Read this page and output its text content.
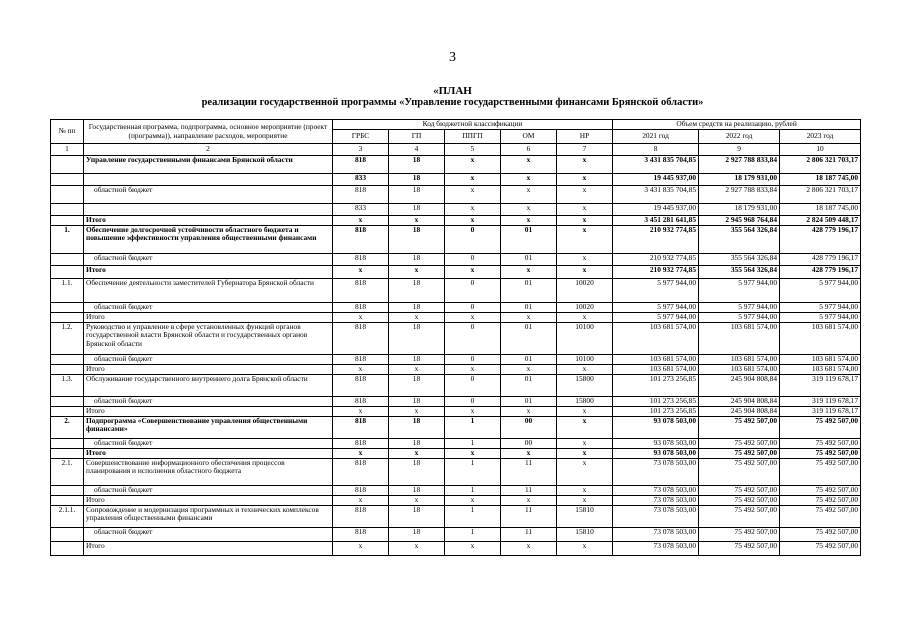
3
«ПЛАН
реализации государственной программы «Управление государственными финансами Брянской области»
№ пп	Государственная программа, подпрограмма, основное мероприятие (проект (программа)), направление расходов, мероприятие	Код бюджетной классификации					Объем средств на реализацию, рублей		
		ГРБС	ГП	ППГП	ОМ	НР	2021 год	2022 год	2023 год
1	2	3	4	5	6	7	8	9	10
	Управление государственными финансами Брянской области	818	18	x	x	x	3 431 835 704,85	2 927 788 833,84	2 806 321 703,17
		833	18	x	x	x	19 445 937,00	18 179 931,00	18 187 745,00
	областной бюджет	818	18	x	x	x	3 431 835 704,85	2 927 788 833,84	2 806 321 703,17
		833	18	x	x	x	19 445 937,00	18 179 931,00	18 187 745,00
	Итого	x	x	x	x	x	3 451 281 641,85	2 945 968 764,84	2 824 509 448,17
1.	Обеспечение долгосрочной устойчивости областного бюджета и повышение эффективности управления общественными финансами	818	18	0	01	x	210 932 774,85	355 564 326,84	428 779 196,17
	областной бюджет	818	18	0	01	x	210 932 774,85	355 564 326,84	428 779 196,17
	Итого	x	x	x	x	x	210 932 774,85	355 564 326,84	428 779 196,17
1.1.	Обеспечение деятельности заместителей Губернатора Брянской области	818	18	0	01	10020	5 977 944,00	5 977 944,00	5 977 944,00
	областной бюджет	818	18	0	01	10020	5 977 944,00	5 977 944,00	5 977 944,00
	Итого	x	x	x	x	x	5 977 944,00	5 977 944,00	5 977 944,00
1.2.	Руководство и управление в сфере установленных функций органов государственной власти Брянской области и государственных органов Брянской области	818	18	0	01	10100	103 681 574,00	103 681 574,00	103 681 574,00
	областной бюджет	818	18	0	01	10100	103 681 574,00	103 681 574,00	103 681 574,00
	Итого	x	x	x	x	x	103 681 574,00	103 681 574,00	103 681 574,00
1.3.	Обслуживание государственного внутреннего долга Брянской области	818	18	0	01	15800	101 273 256,85	245 904 808,84	319 119 678,17
	областной бюджет	818	18	0	01	15800	101 273 256,85	245 904 808,84	319 119 678,17
	Итого	x	x	x	x	x	101 273 256,85	245 904 808,84	319 119 678,17
2.	Подпрограмма «Совершенствование управления общественными финансами»	818	18	1	00	x	93 078 503,00	75 492 507,00	75 492 507,00
	областной бюджет	818	18	1	00	x	93 078 503,00	75 492 507,00	75 492 507,00
	Итого	x	x	x	x	x	93 078 503,00	75 492 507,00	75 492 507,00
2.1.	Совершенствование информационного обеспечения процессов планирования и исполнения областного бюджета	818	18	1	11	x	73 078 503,00	75 492 507,00	75 492 507,00
	областной бюджет	818	18	1	11	x	73 078 503,00	75 492 507,00	75 492 507,00
	Итого	x	x	x	x	x	73 078 503,00	75 492 507,00	75 492 507,00
2.1.1.	Сопровождение и модернизация программных и технических комплексов управления общественными финансами	818	18	1	11	15810	73 078 503,00	75 492 507,00	75 492 507,00
	областной бюджет	818	18	1	11	15810	73 078 503,00	75 492 507,00	75 492 507,00
	Итого	x	x	x	x	x	73 078 503,00	75 492 507,00	75 492 507,00
